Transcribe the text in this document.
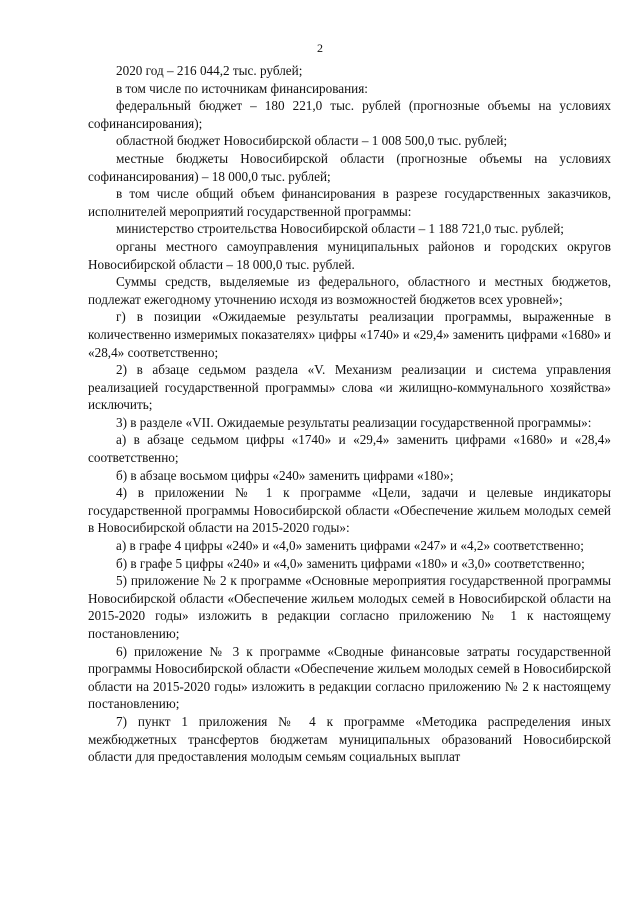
2

2020 год – 216 044,2 тыс. рублей;

в том числе по источникам финансирования:

федеральный бюджет – 180 221,0 тыс. рублей (прогнозные объемы на условиях софинансирования);

областной бюджет Новосибирской области – 1 008 500,0 тыс. рублей;

местные бюджеты Новосибирской области (прогнозные объемы на условиях софинансирования) – 18 000,0 тыс. рублей;

в том числе общий объем финансирования в разрезе государственных заказчиков, исполнителей мероприятий государственной программы:

министерство строительства Новосибирской области – 1 188 721,0 тыс. рублей;

органы местного самоуправления муниципальных районов и городских округов Новосибирской области – 18 000,0 тыс. рублей.

Суммы средств, выделяемые из федерального, областного и местных бюджетов, подлежат ежегодному уточнению исходя из возможностей бюджетов всех уровней»;

г) в позиции «Ожидаемые результаты реализации программы, выраженные в количественно измеримых показателях» цифры «1740» и «29,4» заменить цифрами «1680» и «28,4» соответственно;

2) в абзаце седьмом раздела «V. Механизм реализации и система управления реализацией государственной программы» слова «и жилищно-коммунального хозяйства» исключить;

3) в разделе «VII. Ожидаемые результаты реализации государственной программы»:

а) в абзаце седьмом цифры «1740» и «29,4» заменить цифрами «1680» и «28,4» соответственно;

б) в абзаце восьмом цифры «240» заменить цифрами «180»;

4) в приложении № 1 к программе «Цели, задачи и целевые индикаторы государственной программы Новосибирской области «Обеспечение жильем молодых семей в Новосибирской области на 2015-2020 годы»:

а) в графе 4 цифры «240» и «4,0» заменить цифрами «247» и «4,2» соответственно;

б) в графе 5 цифры «240» и «4,0» заменить цифрами «180» и «3,0» соответственно;

5) приложение № 2 к программе «Основные мероприятия государственной программы Новосибирской области «Обеспечение жильем молодых семей в Новосибирской области на 2015-2020 годы» изложить в редакции согласно приложению № 1 к настоящему постановлению;

6) приложение № 3 к программе «Сводные финансовые затраты государственной программы Новосибирской области «Обеспечение жильем молодых семей в Новосибирской области на 2015-2020 годы» изложить в редакции согласно приложению № 2 к настоящему постановлению;

7) пункт 1 приложения № 4 к программе «Методика распределения иных межбюджетных трансфертов бюджетам муниципальных образований Новосибирской области для предоставления молодым семьям социальных выплат
